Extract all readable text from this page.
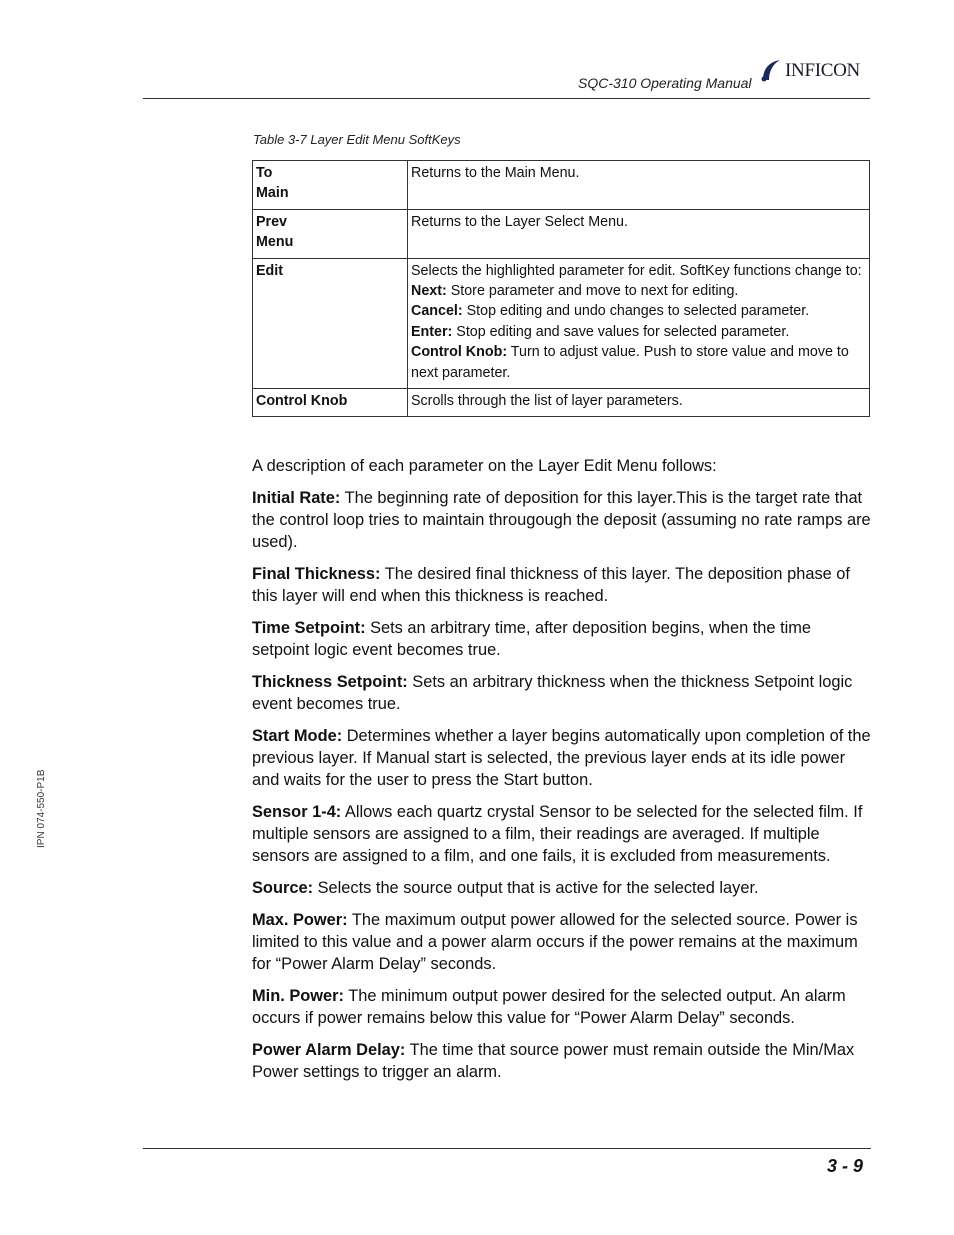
SQC-310 Operating Manual
INFICON
Table 3-7 Layer Edit Menu SoftKeys
To
Main	Returns to the Main Menu.

Prev
Menu	Returns to the Layer Select Menu.

Edit	Selects the highlighted parameter for edit. SoftKey functions change to:
Next: Store parameter and move to next for editing.
Cancel: Stop editing and undo changes to selected parameter.
Enter: Stop editing and save values for selected parameter.
Control Knob: Turn to adjust value. Push to store value and move to next parameter.

Control Knob	Scrolls through the list of layer parameters.

A description of each parameter on the Layer Edit Menu follows:

Initial Rate: The beginning rate of deposition for this layer.This is the target rate that the control loop tries to maintain througough the deposit (assuming no rate ramps are used).

Final Thickness: The desired final thickness of this layer. The deposition phase of this layer will end when this thickness is reached.

Time Setpoint: Sets an arbitrary time, after deposition begins, when the time setpoint logic event becomes true.

Thickness Setpoint: Sets an arbitrary thickness when the thickness Setpoint logic event becomes true.

Start Mode: Determines whether a layer begins automatically upon completion of the previous layer. If Manual start is selected, the previous layer ends at its idle power and waits for the user to press the Start button.

Sensor 1-4: Allows each quartz crystal Sensor to be selected for the selected film. If multiple sensors are assigned to a film, their readings are averaged. If multiple sensors are assigned to a film, and one fails, it is excluded from measurements.

Source: Selects the source output that is active for the selected layer.

Max. Power: The maximum output power allowed for the selected source. Power is limited to this value and a power alarm occurs if the power remains at the maximum for “Power Alarm Delay” seconds.

Min. Power: The minimum output power desired for the selected output. An alarm occurs if power remains below this value for “Power Alarm Delay” seconds.

Power Alarm Delay: The time that source power must remain outside the Min/Max Power settings to trigger an alarm.

IPN 074-550-P1B
3 - 9
